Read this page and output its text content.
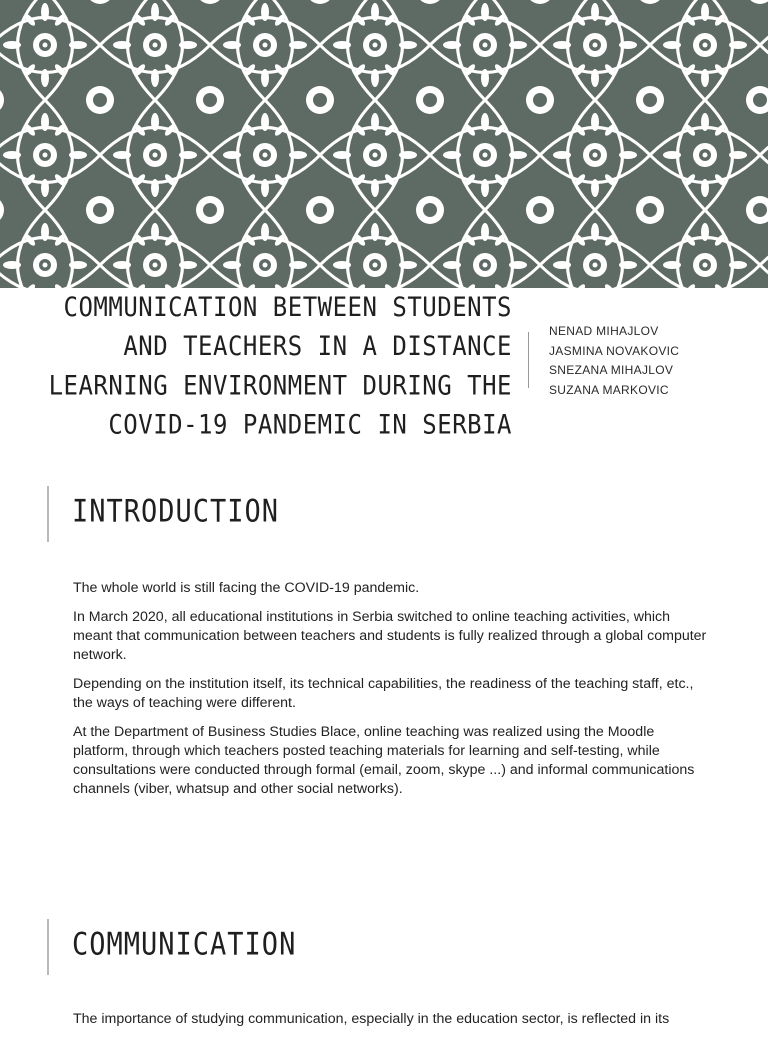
COMMUNICATION BETWEEN STUDENTS AND TEACHERS IN A DISTANCE LEARNING ENVIRONMENT DURING THE COVID-19 PANDEMIC IN SERBIA
NENAD MIHAJLOV
JASMINA NOVAKOVIC
SNEZANA MIHAJLOV
SUZANA MARKOVIC
INTRODUCTION

The whole world is still facing the COVID-19 pandemic.

In March 2020, all educational institutions in Serbia switched to online teaching activities, which meant that communication between teachers and students is fully realized through a global computer network.

Depending on the institution itself, its technical capabilities, the readiness of the teaching staff, etc., the ways of teaching were different.

At the Department of Business Studies Blace, online teaching was realized using the Moodle platform, through which teachers posted teaching materials for learning and self-testing, while consultations were conducted through formal (email, zoom, skype ...) and informal communications channels (viber, whatsup and other social networks).

COMMUNICATION

The importance of studying communication, especially in the education sector, is reflected in its
